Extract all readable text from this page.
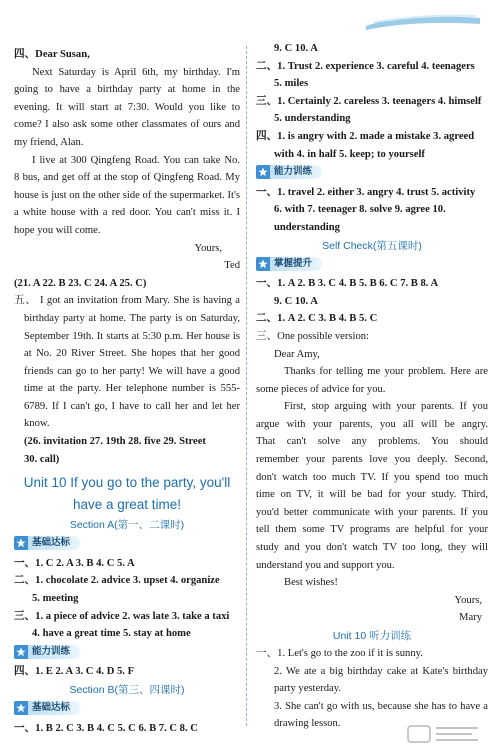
四、Dear Susan,
Next Saturday is April 6th, my birthday. I'm
going to have a birthday party at home in the
evening. It will start at 7:30. Would you like to
come? I also ask some other classmates of ours and
my friend, Alan.
I live at 300 Qingfeng Road. You can take No.
8 bus, and get off at the stop of Qingfeng Road. My
house is just on the other side of the supermarket. It's
a white house with a red door. You can't miss it. I
hope you will come.
Yours,
Ted
(21. A 22. B 23. C 24. A 25. C)
五、 I got an invitation from Mary. She is having a
birthday party at home. The party is on Saturday,
September 19th. It starts at 5:30 p.m. Her house is
at No. 20 River Street. She hopes that her good
friends can go to her party! We will have a good
time at the party. Her telephone number is 555-
6789. If I can't go, I have to call her and let her
know.
(26. invitation 27. 19th 28. five 29. Street
30. call)
Unit 10 If you go to the party, you'll
have a great time!
Section A(第一、二课时)
基础达标
一、1. C 2. A 3. B 4. C 5. A
二、1. chocolate 2. advice 3. upset 4. organize
5. meeting
三、1. a piece of advice 2. was late 3. take a taxi
4. have a great time 5. stay at home
能力训练
四、1. E 2. A 3. C 4. D 5. F
Section B(第三、四课时)
基础达标
一、1. B 2. C 3. B 4. C 5. C 6. B 7. C 8. C
9. C 10. A
二、1. Trust 2. experience 3. careful 4. teenagers
5. miles
三、1. Certainly 2. careless 3. teenagers 4. himself
5. understanding
四、1. is angry with 2. made a mistake 3. agreed
with 4. in half 5. keep; to yourself
能力训练
一、1. travel 2. either 3. angry 4. trust 5. activity
6. with 7. teenager 8. solve 9. agree 10.
understanding
Self Check(第五课时)
掌握提升
一、1. A 2. B 3. C 4. B 5. B 6. C 7. B 8. A
9. C 10. A
二、1. A 2. C 3. B 4. B 5. C
三、One possible version:
Dear Amy,
Thanks for telling me your problem. Here are
some pieces of advice for you.
First, stop arguing with your parents. If you
argue with your parents, you all will be angry.
That can't solve any problems. You should
remember your parents love you deeply. Second,
don't watch too much TV. If you spend too much
time on TV, it will be bad for your study. Third,
you'd better communicate with your parents. If you
tell them some TV programs are helpful for your
study and you don't watch TV too long, they will
understand you and support you.
Best wishes!
Yours,
Mary
Unit 10 听力训练
一、1. Let's go to the zoo if it is sunny.
2. We ate a big birthday cake at Kate's birthday
party yesterday.
3. She can't go with us, because she has to have a
drawing lesson.
